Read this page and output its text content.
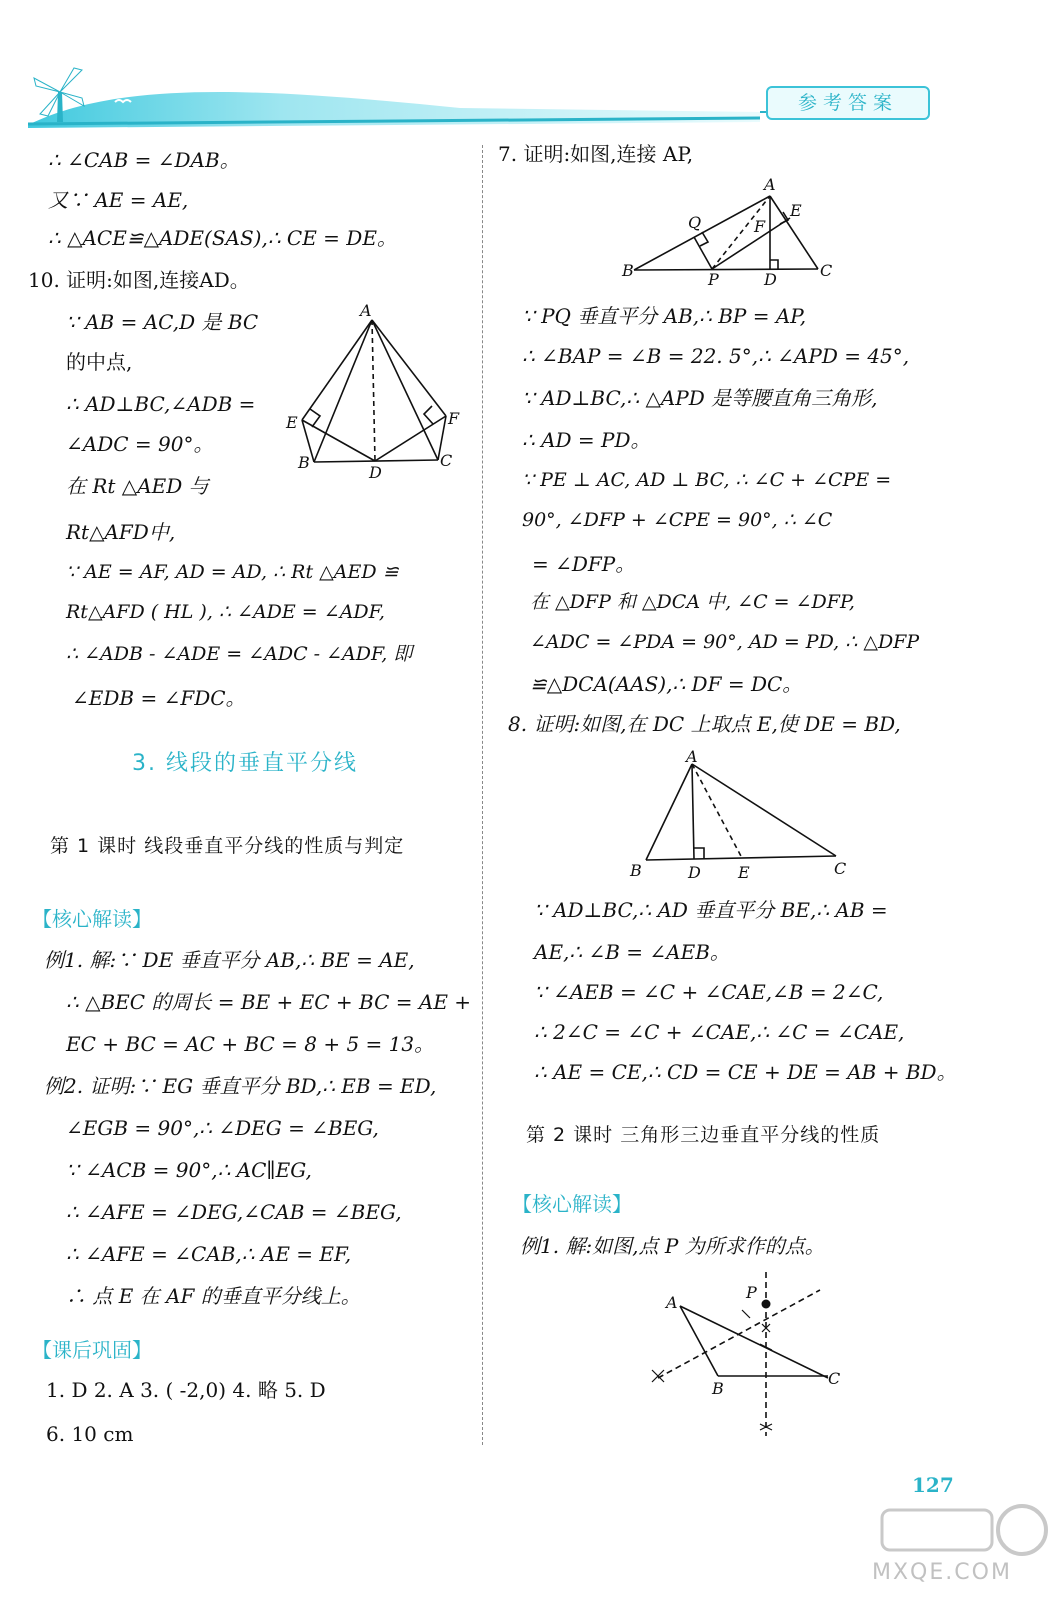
参考答案
∴ ∠CAB = ∠DAB。
又∵ AE = AE,
∴ △ACE≌△ADE(SAS),∴ CE = DE。
10. 证明:如图,连接AD。
∵ AB = AC,D 是 BC
的中点,
∴ AD⊥BC,∠ADB =
∠ADC = 90°。
在 Rt △AED 与
Rt△AFD中,
∵ AE = AF, AD = AD, ∴ Rt △AED ≌
Rt△AFD ( HL ), ∴ ∠ADE = ∠ADF,
∴ ∠ADB - ∠ADE = ∠ADC - ∠ADF, 即
∠EDB = ∠FDC。
A
E	F
B
D
C
3. 线段的垂直平分线
第 1 课时 线段垂直平分线的性质与判定
【核心解读】
例1. 解:∵ DE 垂直平分 AB,∴ BE = AE,
∴ △BEC 的周长 = BE + EC + BC = AE +
EC + BC = AC + BC = 8 + 5 = 13。
例2. 证明:∵ EG 垂直平分 BD,∴ EB = ED,
∠EGB = 90°,∴ ∠DEG = ∠BEG,
∵ ∠ACB = 90°,∴ AC∥EG,
∴ ∠AFE = ∠DEG,∠CAB = ∠BEG,
∴ ∠AFE = ∠CAB,∴ AE = EF,
∴ 点 E 在 AF 的垂直平分线上。
【课后巩固】
1. D 2. A 3. ( -2,0) 4. 略 5. D
6. 10 cm
7. 证明:如图,连接 AP,
A
Q
E
F
B	P	D	C
∵ PQ 垂直平分 AB,∴ BP = AP,
∴ ∠BAP = ∠B = 22. 5°,∴ ∠APD = 45°,
∵ AD⊥BC,∴ △APD 是等腰直角三角形,
∴ AD = PD。
∵ PE ⊥ AC, AD ⊥ BC, ∴ ∠C + ∠CPE =
90°, ∠DFP + ∠CPE = 90°, ∴ ∠C
= ∠DFP。
在 △DFP 和 △DCA 中, ∠C = ∠DFP,
∠ADC = ∠PDA = 90°, AD = PD, ∴ △DFP
≌△DCA(AAS),∴ DF = DC。
8. 证明:如图,在 DC 上取点 E,使 DE = BD,
A
B	D E	C
∵ AD⊥BC,∴ AD 垂直平分 BE,∴ AB =
AE,∴ ∠B = ∠AEB。
∵ ∠AEB = ∠C + ∠CAE,∠B = 2∠C,
∴ 2∠C = ∠C + ∠CAE,∴ ∠C = ∠CAE,
∴ AE = CE,∴ CD = CE + DE = AB + BD。
第 2 课时 三角形三边垂直平分线的性质
【核心解读】
例1. 解:如图,点 P 为所求作的点。
A
P
B
C
127
MXQE.COM
